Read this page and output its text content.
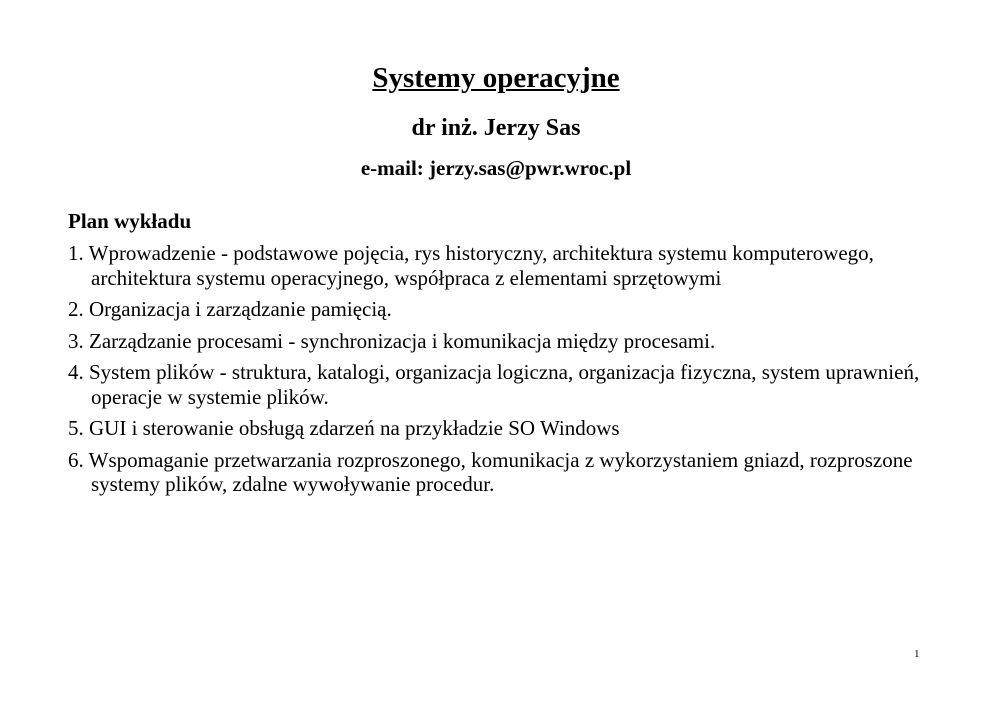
Systemy operacyjne
dr inż. Jerzy Sas
e-mail: jerzy.sas@pwr.wroc.pl
Plan wykładu
1. Wprowadzenie - podstawowe pojęcia, rys historyczny, architektura systemu komputerowego, architektura systemu operacyjnego, współpraca z elementami sprzętowymi
2. Organizacja i zarządzanie pamięcią.
3. Zarządzanie procesami - synchronizacja i komunikacja między procesami.
4. System plików - struktura, katalogi, organizacja logiczna, organizacja fizyczna, system uprawnień, operacje w systemie plików.
5. GUI i sterowanie obsługą zdarzeń na przykładzie SO Windows
6. Wspomaganie przetwarzania rozproszonego, komunikacja z wykorzystaniem gniazd, rozproszone systemy plików, zdalne wywoływanie procedur.
1
